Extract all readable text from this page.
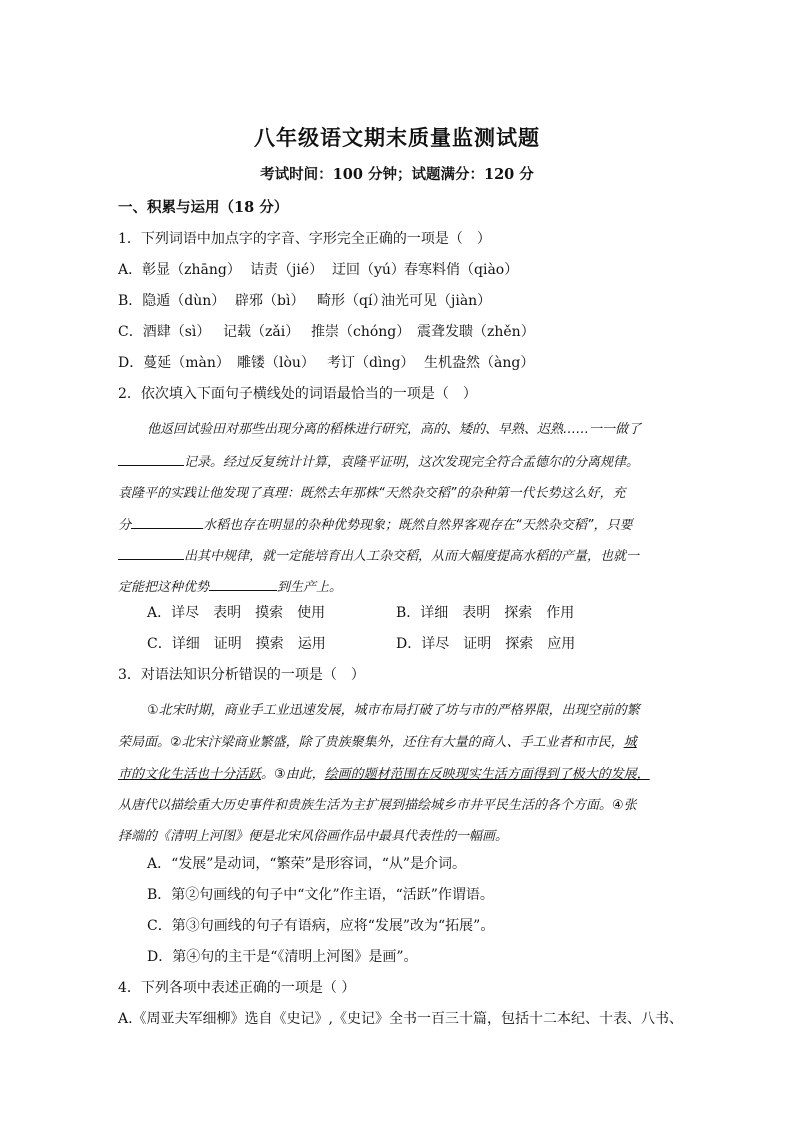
八年级语文期末质量监测试题
考试时间：100 分钟；试题满分：120 分
一、积累与运用（18 分）
1．下列词语中加点字的字音、字形完全正确的一项是（　）
A．彰显（zhāng） 诘责（jié） 迂回（yú）春寒料俏（qiào）
B．隐遁（dùn） 辟邪（bì） 畸形（qí）油光可见（jiàn）
C．酒肆（sì） 记载（zǎi） 推崇（chóng） 震聋发聩（zhěn）
D．蔓延（màn） 雕镂（lòu） 考订（dìng） 生机盎然（àng）
2．依次填入下面句子横线处的词语最恰当的一项是（　）
他返回试验田对那些出现分离的稻株进行研究，高的、矮的、早熟、迟熟……一一做了
记录。经过反复统计计算，袁隆平证明，这次发现完全符合孟德尔的分离规律。
袁隆平的实践让他发现了真理：既然去年那株“天然杂交稻”的杂种第一代长势这么好，充
分	水稻也存在明显的杂种优势现象；既然自然界客观存在“天然杂交稻”，只要
出其中规律，就一定能培育出人工杂交稻，从而大幅度提高水稻的产量，也就一
定能把这种优势	到生产上。
A．详尽　表明　摸索　使用	B．详细　表明　探索　作用
C．详细　证明　摸索　运用	D．详尽　证明　探索　应用
3．对语法知识分析错误的一项是（　）
①北宋时期，商业手工业迅速发展，城市布局打破了坊与市的严格界限，出现空前的繁
荣局面。②北宋汴梁商业繁盛，除了贵族聚集外，还住有大量的商人、手工业者和市民，城
市的文化生活也十分活跃。③由此，绘画的题材范围在反映现实生活方面得到了极大的发展，
从唐代以描绘重大历史事件和贵族生活为主扩展到描绘城乡市井平民生活的各个方面。④张
择端的《清明上河图》便是北宋风俗画作品中最具代表性的一幅画。
A．“发展”是动词，“繁荣”是形容词，“从”是介词。
B．第②句画线的句子中“文化”作主语，“活跃”作谓语。
C．第③句画线的句子有语病，应将“发展”改为“拓展”。
D．第④句的主干是“《清明上河图》是画”。
4．下列各项中表述正确的一项是（ ）
A.《周亚夫军细柳》选自《史记》,《史记》全书一百三十篇，包括十二本纪、十表、八书、
